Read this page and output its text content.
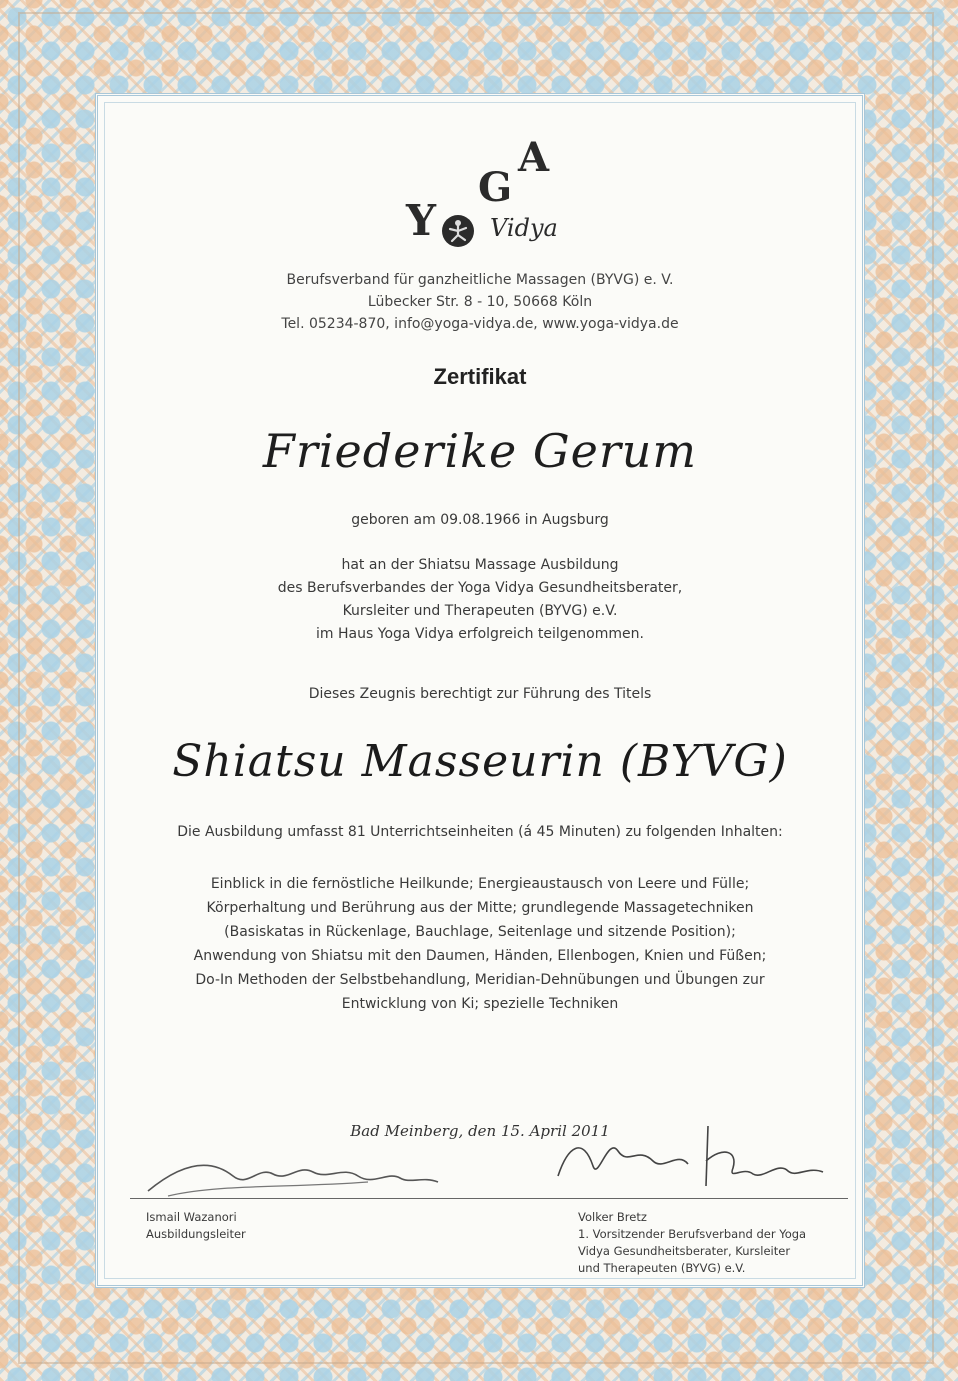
Y
G
A
Vidya
Berufsverband für ganzheitliche Massagen (BYVG) e. V.
Lübecker Str. 8 - 10, 50668 Köln
Tel. 05234-870, info@yoga-vidya.de, www.yoga-vidya.de
Zertifikat
Friederike Gerum
geboren am 09.08.1966 in Augsburg
hat an der Shiatsu Massage Ausbildung
des Berufsverbandes der Yoga Vidya Gesundheitsberater,
Kursleiter und Therapeuten (BYVG) e.V.
im Haus Yoga Vidya erfolgreich teilgenommen.
Dieses Zeugnis berechtigt zur Führung des Titels
Shiatsu Masseurin (BYVG)
Die Ausbildung umfasst 81 Unterrichtseinheiten (á 45 Minuten) zu folgenden Inhalten:
Einblick in die fernöstliche Heilkunde; Energieaustausch von Leere und Fülle;
Körperhaltung und Berührung aus der Mitte; grundlegende Massagetechniken
(Basiskatas in Rückenlage, Bauchlage, Seitenlage und sitzende Position);
Anwendung von Shiatsu mit den Daumen, Händen, Ellenbogen, Knien und Füßen;
Do-In Methoden der Selbstbehandlung, Meridian-Dehnübungen und Übungen zur
Entwicklung von Ki; spezielle Techniken
Bad Meinberg, den 15. April 2011
Ismail Wazanori
Ausbildungsleiter
Volker Bretz
1. Vorsitzender Berufsverband der Yoga
Vidya Gesundheitsberater, Kursleiter
und Therapeuten (BYVG) e.V.
